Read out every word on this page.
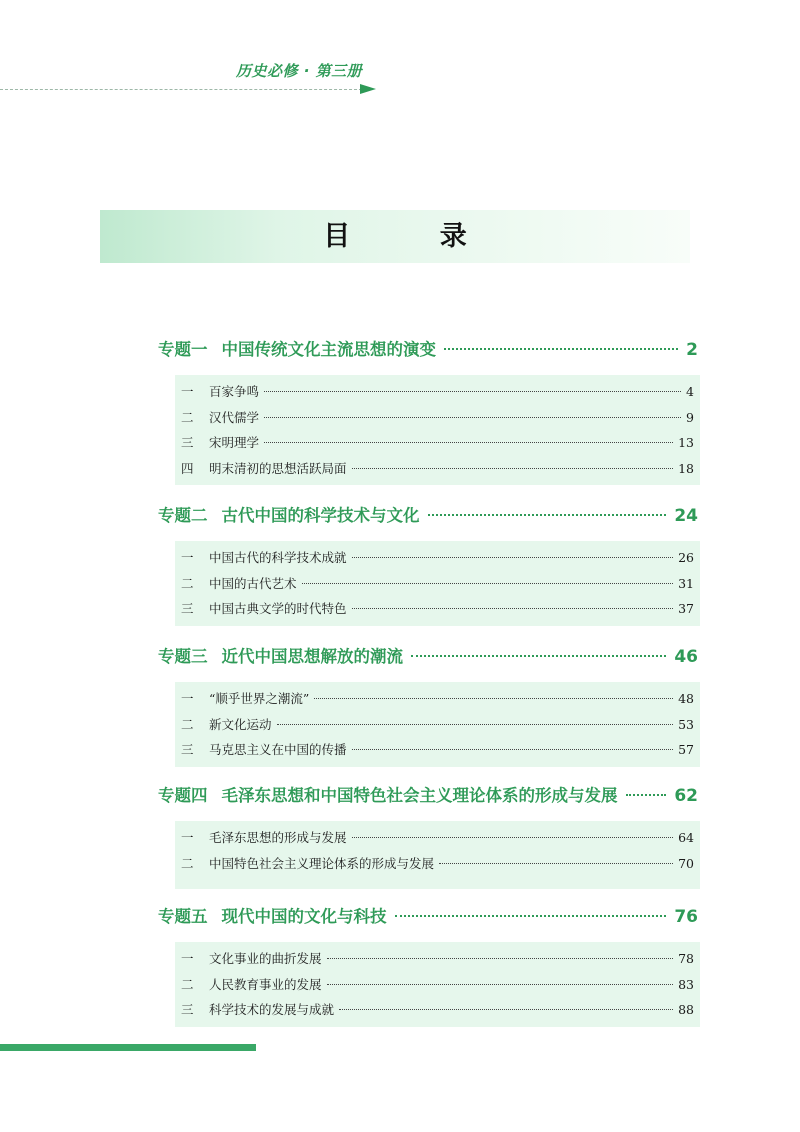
历史必修 · 第三册
目 录
专题一 中国传统文化主流思想的演变	2
一	百家争鸣	4
二	汉代儒学	9
三	宋明理学	13
四	明末清初的思想活跃局面	18
专题二 古代中国的科学技术与文化	24
一	中国古代的科学技术成就	26
二	中国的古代艺术	31
三	中国古典文学的时代特色	37
专题三 近代中国思想解放的潮流	46
一	“顺乎世界之潮流”	48
二	新文化运动	53
三	马克思主义在中国的传播	57
专题四 毛泽东思想和中国特色社会主义理论体系的形成与发展	62
一	毛泽东思想的形成与发展	64
二	中国特色社会主义理论体系的形成与发展	70
专题五 现代中国的文化与科技	76
一	文化事业的曲折发展	78
二	人民教育事业的发展	83
三	科学技术的发展与成就	88
